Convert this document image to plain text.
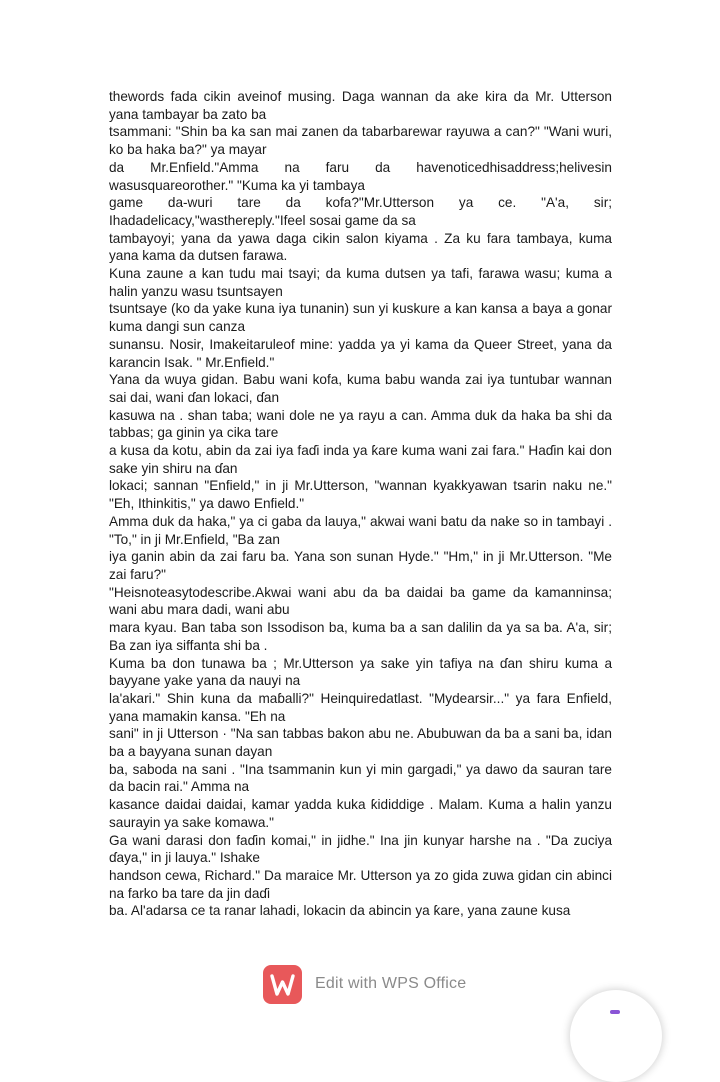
thewords fada cikin aveinof musing. Daga wannan da ake kira da Mr. Utterson yana tambayar ba zato ba

tsammani: "Shin ba ka san mai zanen da tabarbarewar rayuwa a can?" "Wani wuri, ko ba haka ba?" ya mayar

da Mr.Enfield."Amma na faru da havenoticedhisaddress;helivesin wasusquareorother." "Kuma ka yi tambaya

game da-wuri tare da kofa?"Mr.Utterson ya ce. "A'a, sir; Ihadadelicacy,"wasthereply."Ifeel sosai game da sa

tambayoyi; yana da yawa daga cikin salon kiyama . Za ku fara tambaya, kuma yana kama da dutsen farawa.

Kuna zaune a kan tudu mai tsayi; da kuma dutsen ya tafi, farawa wasu; kuma a halin yanzu wasu tsuntsayen

tsuntsaye (ko da yake kuna iya tunanin) sun yi kuskure a kan kansa a baya a gonar kuma dangi sun canza

sunansu. Nosir, Imakeitaruleof mine: yadda ya yi kama da Queer Street, yana da karancin Isak. " Mr.Enfield."

Yana da wuya gidan. Babu wani kofa, kuma babu wanda zai iya tuntubar wannan sai dai, wani ɗan lokaci, ɗan

kasuwa na . shan taba; wani dole ne ya rayu a can. Amma duk da haka ba shi da tabbas; ga ginin ya cika tare

a kusa da kotu, abin da zai iya faɗi inda ya ƙare kuma wani zai fara." Haɗin kai don sake yin shiru na ɗan

lokaci; sannan "Enfield," in ji Mr.Utterson, "wannan kyakkyawan tsarin naku ne." "Eh, Ithinkitis," ya dawo Enfield."

Amma duk da haka," ya ci gaba da lauya," akwai wani batu da nake so in tambayi . "To," in ji Mr.Enfield, "Ba zan

iya ganin abin da zai faru ba. Yana son sunan Hyde." "Hm," in ji Mr.Utterson. "Me zai faru?"

"Heisnoteasytodescribe.Akwai wani abu da ba daidai ba game da kamanninsa; wani abu mara dadi, wani abu

mara kyau. Ban taba son Issodison ba, kuma ba a san dalilin da ya sa ba. A'a, sir; Ba zan iya siffanta shi ba .

Kuma ba don tunawa ba ; Mr.Utterson ya sake yin tafiya na ɗan shiru kuma a bayyane yake yana da nauyi na

la'akari." Shin kuna da maɓalli?" Heinquiredatlast. "Mydearsir..." ya fara Enfield, yana mamakin kansa. "Eh na

sani" in ji Utterson · "Na san tabbas bakon abu ne. Abubuwan da ba a sani ba, idan ba a bayyana sunan dayan

ba, saboda na sani . "Ina tsammanin kun yi min gargadi," ya dawo da sauran tare da bacin rai." Amma na

kasance daidai daidai, kamar yadda kuka ƙididdige . Malam. Kuma a halin yanzu saurayin ya sake komawa."

Ga wani darasi don faɗin komai," in jidhe." Ina jin kunyar harshe na . "Da zuciya ɗaya," in ji lauya." Ishake

handson cewa, Richard." Da maraice Mr. Utterson ya zo gida zuwa gidan cin abinci na farko ba tare da jin daɗi

ba. Al'adarsa ce ta ranar lahadi, lokacin da abincin ya ƙare, yana zaune kusa

Edit with WPS Office
